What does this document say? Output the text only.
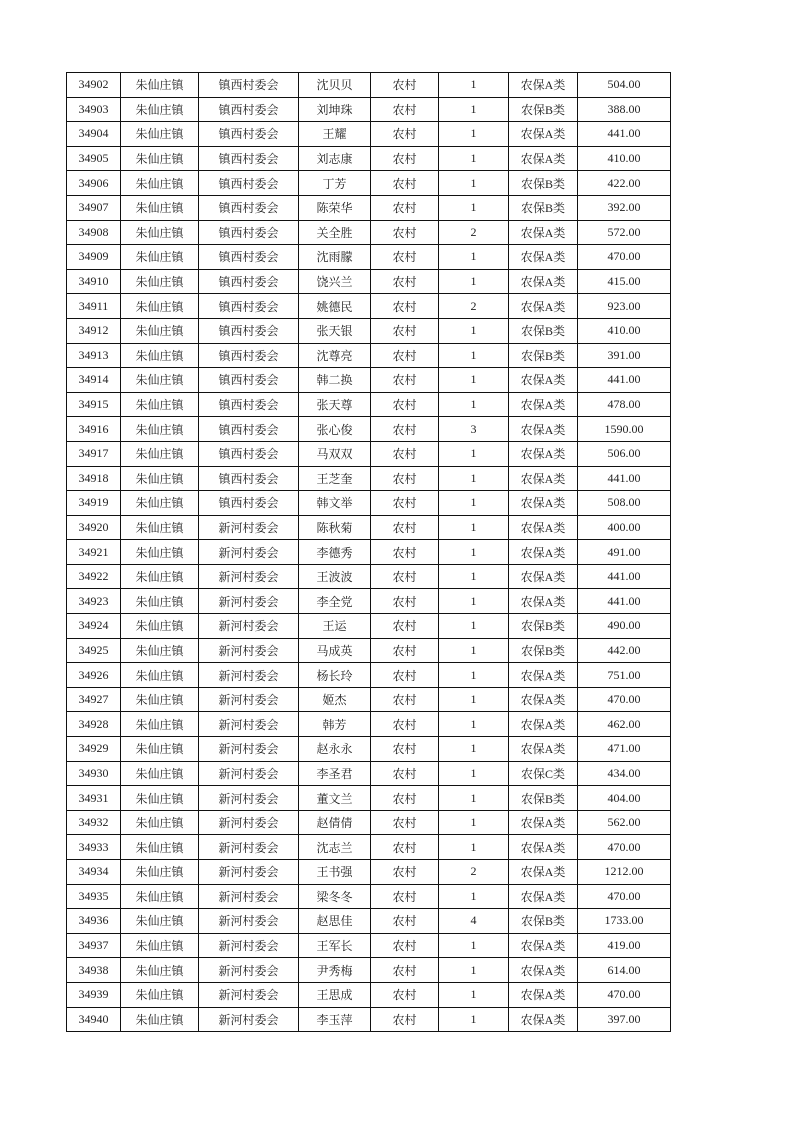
34902	朱仙庄镇	镇西村委会	沈贝贝	农村	1	农保A类	504.00
34903	朱仙庄镇	镇西村委会	刘坤珠	农村	1	农保B类	388.00
34904	朱仙庄镇	镇西村委会	王耀	农村	1	农保A类	441.00
34905	朱仙庄镇	镇西村委会	刘志康	农村	1	农保A类	410.00
34906	朱仙庄镇	镇西村委会	丁芳	农村	1	农保B类	422.00
34907	朱仙庄镇	镇西村委会	陈荣华	农村	1	农保B类	392.00
34908	朱仙庄镇	镇西村委会	关全胜	农村	2	农保A类	572.00
34909	朱仙庄镇	镇西村委会	沈雨朦	农村	1	农保A类	470.00
34910	朱仙庄镇	镇西村委会	饶兴兰	农村	1	农保A类	415.00
34911	朱仙庄镇	镇西村委会	姚德民	农村	2	农保A类	923.00
34912	朱仙庄镇	镇西村委会	张天银	农村	1	农保B类	410.00
34913	朱仙庄镇	镇西村委会	沈尊亮	农村	1	农保B类	391.00
34914	朱仙庄镇	镇西村委会	韩二换	农村	1	农保A类	441.00
34915	朱仙庄镇	镇西村委会	张天尊	农村	1	农保A类	478.00
34916	朱仙庄镇	镇西村委会	张心俊	农村	3	农保A类	1590.00
34917	朱仙庄镇	镇西村委会	马双双	农村	1	农保A类	506.00
34918	朱仙庄镇	镇西村委会	王芝奎	农村	1	农保A类	441.00
34919	朱仙庄镇	镇西村委会	韩文举	农村	1	农保A类	508.00
34920	朱仙庄镇	新河村委会	陈秋菊	农村	1	农保A类	400.00
34921	朱仙庄镇	新河村委会	李德秀	农村	1	农保A类	491.00
34922	朱仙庄镇	新河村委会	王波波	农村	1	农保A类	441.00
34923	朱仙庄镇	新河村委会	李全党	农村	1	农保A类	441.00
34924	朱仙庄镇	新河村委会	王运	农村	1	农保B类	490.00
34925	朱仙庄镇	新河村委会	马成英	农村	1	农保B类	442.00
34926	朱仙庄镇	新河村委会	杨长玲	农村	1	农保A类	751.00
34927	朱仙庄镇	新河村委会	姬杰	农村	1	农保A类	470.00
34928	朱仙庄镇	新河村委会	韩芳	农村	1	农保A类	462.00
34929	朱仙庄镇	新河村委会	赵永永	农村	1	农保A类	471.00
34930	朱仙庄镇	新河村委会	李圣君	农村	1	农保C类	434.00
34931	朱仙庄镇	新河村委会	董文兰	农村	1	农保B类	404.00
34932	朱仙庄镇	新河村委会	赵倩倩	农村	1	农保A类	562.00
34933	朱仙庄镇	新河村委会	沈志兰	农村	1	农保A类	470.00
34934	朱仙庄镇	新河村委会	王书强	农村	2	农保A类	1212.00
34935	朱仙庄镇	新河村委会	梁冬冬	农村	1	农保A类	470.00
34936	朱仙庄镇	新河村委会	赵思佳	农村	4	农保B类	1733.00
34937	朱仙庄镇	新河村委会	王军长	农村	1	农保A类	419.00
34938	朱仙庄镇	新河村委会	尹秀梅	农村	1	农保A类	614.00
34939	朱仙庄镇	新河村委会	王思成	农村	1	农保A类	470.00
34940	朱仙庄镇	新河村委会	李玉萍	农村	1	农保A类	397.00
